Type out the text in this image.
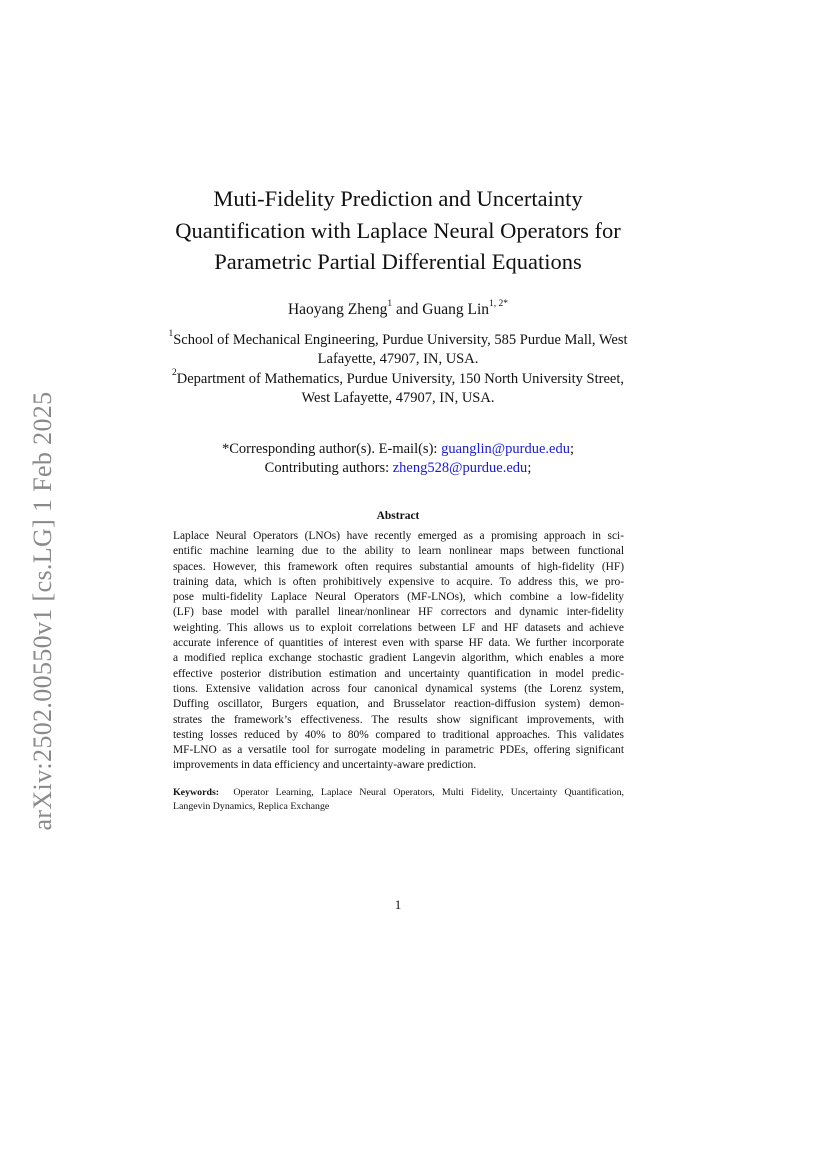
arXiv:2502.00550v1 [cs.LG] 1 Feb 2025
Muti-Fidelity Prediction and Uncertainty
Quantification with Laplace Neural Operators for
Parametric Partial Differential Equations
Haoyang Zheng$^1$ and Guang Lin$^{1, 2*}$
$^1$School of Mechanical Engineering, Purdue University, 585 Purdue Mall, West
Lafayette, 47907, IN, USA.
$^2$Department of Mathematics, Purdue University, 150 North University Street,
West Lafayette, 47907, IN, USA.
*Corresponding author(s). E-mail(s): guanglin@purdue.edu;
Contributing authors: zheng528@purdue.edu;
Abstract
Laplace Neural Operators (LNOs) have recently emerged as a promising approach in sci-
entific machine learning due to the ability to learn nonlinear maps between functional
spaces. However, this framework often requires substantial amounts of high-fidelity (HF)
training data, which is often prohibitively expensive to acquire. To address this, we pro-
pose multi-fidelity Laplace Neural Operators (MF-LNOs), which combine a low-fidelity
(LF) base model with parallel linear/nonlinear HF correctors and dynamic inter-fidelity
weighting. This allows us to exploit correlations between LF and HF datasets and achieve
accurate inference of quantities of interest even with sparse HF data. We further incorporate
a modified replica exchange stochastic gradient Langevin algorithm, which enables a more
effective posterior distribution estimation and uncertainty quantification in model predic-
tions. Extensive validation across four canonical dynamical systems (the Lorenz system,
Duffing oscillator, Burgers equation, and Brusselator reaction-diffusion system) demon-
strates the framework’s effectiveness. The results show significant improvements, with
testing losses reduced by 40% to 80% compared to traditional approaches. This validates
MF-LNO as a versatile tool for surrogate modeling in parametric PDEs, offering significant
improvements in data efficiency and uncertainty-aware prediction.
Keywords: Operator Learning, Laplace Neural Operators, Multi Fidelity, Uncertainty Quantification,
Langevin Dynamics, Replica Exchange
1
